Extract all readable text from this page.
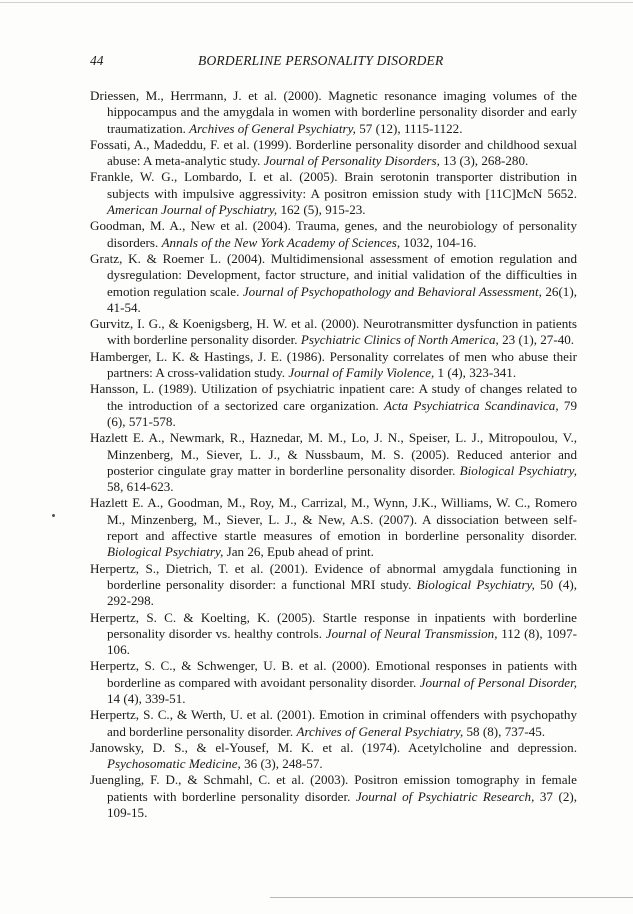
44	BORDERLINE PERSONALITY DISORDER

Driessen, M., Herrmann, J. et al. (2000). Magnetic resonance imaging volumes of the hippocampus and the amygdala in women with borderline personality disorder and early traumatization. Archives of General Psychiatry, 57 (12), 1115-1122.

Fossati, A., Madeddu, F. et al. (1999). Borderline personality disorder and childhood sexual abuse: A meta-analytic study. Journal of Personality Disorders, 13 (3), 268-280.

Frankle, W. G., Lombardo, I. et al. (2005). Brain serotonin transporter distribution in subjects with impulsive aggressivity: A positron emission study with [11C]McN 5652. American Journal of Pyschiatry, 162 (5), 915-23.

Goodman, M. A., New et al. (2004). Trauma, genes, and the neurobiology of personality disorders. Annals of the New York Academy of Sciences, 1032, 104-16.

Gratz, K. & Roemer L. (2004). Multidimensional assessment of emotion regulation and dysregulation: Development, factor structure, and initial validation of the difficulties in emotion regulation scale. Journal of Psychopathology and Behavioral Assessment, 26(1), 41-54.

Gurvitz, I. G., & Koenigsberg, H. W. et al. (2000). Neurotransmitter dysfunction in patients with borderline personality disorder. Psychiatric Clinics of North America, 23 (1), 27-40.

Hamberger, L. K. & Hastings, J. E. (1986). Personality correlates of men who abuse their partners: A cross-validation study. Journal of Family Violence, 1 (4), 323-341.

Hansson, L. (1989). Utilization of psychiatric inpatient care: A study of changes related to the introduction of a sectorized care organization. Acta Psychiatrica Scandinavica, 79 (6), 571-578.

Hazlett E. A., Newmark, R., Haznedar, M. M., Lo, J. N., Speiser, L. J., Mitropoulou, V., Minzenberg, M., Siever, L. J., & Nussbaum, M. S. (2005). Reduced anterior and posterior cingulate gray matter in borderline personality disorder. Biological Psychiatry, 58, 614-623.

Hazlett E. A., Goodman, M., Roy, M., Carrizal, M., Wynn, J.K., Williams, W. C., Romero M., Minzenberg, M., Siever, L. J., & New, A.S. (2007). A dissociation between self-report and affective startle measures of emotion in borderline personality disorder. Biological Psychiatry, Jan 26, Epub ahead of print.

Herpertz, S., Dietrich, T. et al. (2001). Evidence of abnormal amygdala functioning in borderline personality disorder: a functional MRI study. Biological Psychiatry, 50 (4), 292-298.

Herpertz, S. C. & Koelting, K. (2005). Startle response in inpatients with borderline personality disorder vs. healthy controls. Journal of Neural Transmission, 112 (8), 1097-106.

Herpertz, S. C., & Schwenger, U. B. et al. (2000). Emotional responses in patients with borderline as compared with avoidant personality disorder. Journal of Personal Disorder, 14 (4), 339-51.

Herpertz, S. C., & Werth, U. et al. (2001). Emotion in criminal offenders with psychopathy and borderline personality disorder. Archives of General Psychiatry, 58 (8), 737-45.

Janowsky, D. S., & el-Yousef, M. K. et al. (1974). Acetylcholine and depression. Psychosomatic Medicine, 36 (3), 248-57.

Juengling, F. D., & Schmahl, C. et al. (2003). Positron emission tomography in female patients with borderline personality disorder. Journal of Psychiatric Research, 37 (2), 109-15.
